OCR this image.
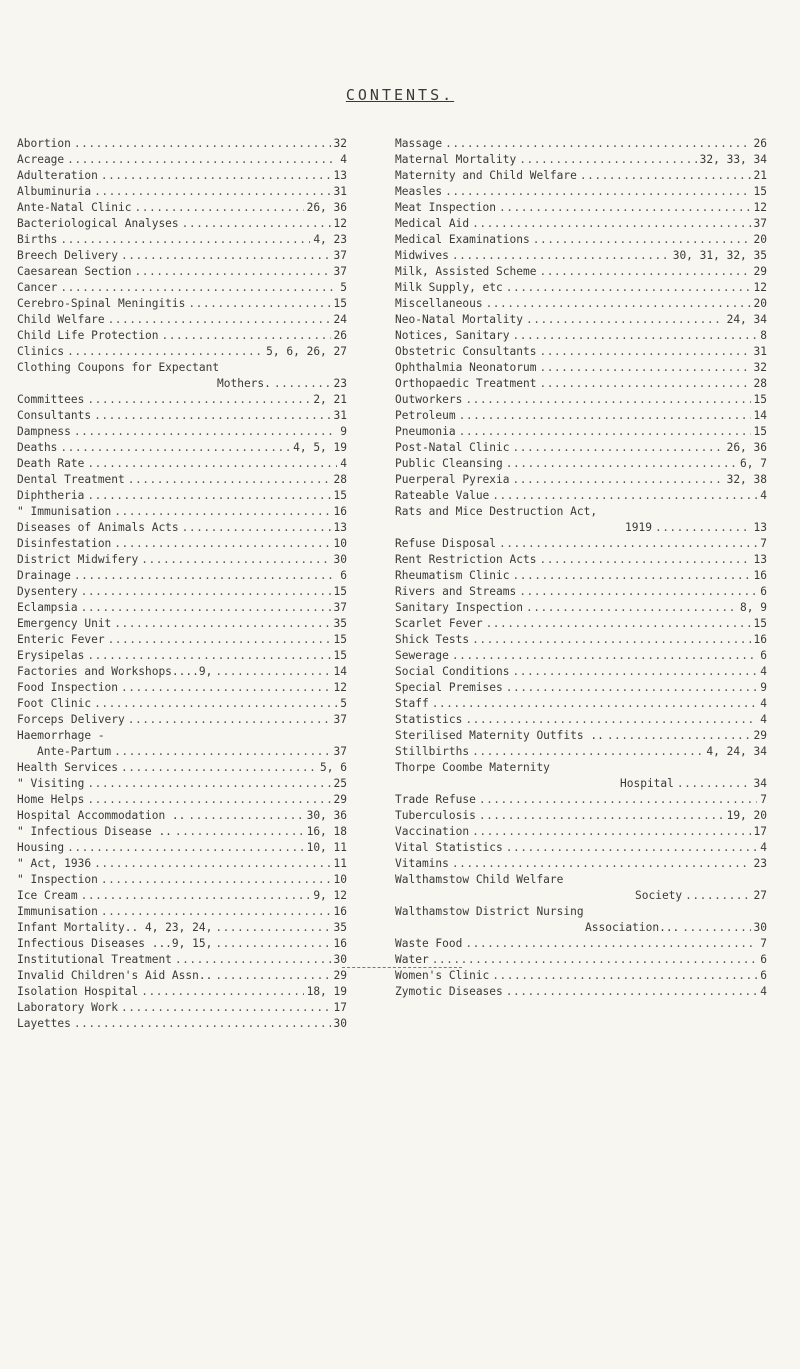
CONTENTS.
Abortion .....	32
Acreage .....	4
Adulteration .....	13
Albuminuria .....	31
Ante-Natal Clinic .....	26, 36
Bacteriological Analyses .....	12
Births .....	4, 23
Breech Delivery .....	37
Caesarean Section .....	37
Cancer .....	5
Cerebro-Spinal Meningitis .....	15
Child Welfare .....	24
Child Life Protection .....	26
Clinics .....	5, 6, 26, 27
Clothing Coupons for Expectant
Mothers. .....	23
Committees .....	2, 21
Consultants .....	31
Dampness .....	9
Deaths .....	4, 5, 19
Death Rate .....	4
Dental Treatment .....	28
Diphtheria .....	15
" Immunisation .....	16
Diseases of Animals Acts .....	13
Disinfestation .....	10
District Midwifery .....	30
Drainage .....	6
Dysentery .....	15
Eclampsia .....	37
Emergency Unit .....	35
Enteric Fever .....	15
Erysipelas .....	15
Factories and Workshops....9, .....	14
Food Inspection .....	12
Foot Clinic .....	5
Forceps Delivery .....	37
Haemorrhage -
Ante-Partum .....	37
Health Services .....	5, 6
" Visiting .....	25
Home Helps .....	29
Hospital Accommodation .. .....	30, 36
" Infectious Disease .. .....	16, 18
Housing .....	10, 11
" Act, 1936 .....	11
" Inspection .....	10
Ice Cream .....	9, 12
Immunisation .....	16
Infant Mortality.. 4, 23, 24, .....	35
Infectious Diseases ...9, 15, .....	16
Institutional Treatment .....	30
Invalid Children's Aid Assn.. .....	29
Isolation Hospital .....	18, 19
Laboratory Work .....	17
Layettes .....	30
Massage .....	26
Maternal Mortality .....	32, 33, 34
Maternity and Child Welfare .....	21
Measles .....	15
Meat Inspection .....	12
Medical Aid .....	37
Medical Examinations .....	20
Midwives .....	30, 31, 32, 35
Milk, Assisted Scheme .....	29
Milk Supply, etc .....	12
Miscellaneous .....	20
Neo-Natal Mortality .....	24, 34
Notices, Sanitary .....	8
Obstetric Consultants .....	31
Ophthalmia Neonatorum .....	32
Orthopaedic Treatment .....	28
Outworkers .....	15
Petroleum .....	14
Pneumonia .....	15
Post-Natal Clinic .....	26, 36
Public Cleansing .....	6, 7
Puerperal Pyrexia .....	32, 38
Rateable Value .....	4
Rats and Mice Destruction Act,
1919 .....	13
Refuse Disposal .....	7
Rent Restriction Acts .....	13
Rheumatism Clinic .....	16
Rivers and Streams .....	6
Sanitary Inspection .....	8, 9
Scarlet Fever .....	15
Shick Tests .....	16
Sewerage .....	6
Social Conditions .....	4
Special Premises .....	9
Staff .....	4
Statistics .....	4
Sterilised Maternity Outfits .. .....	29
Stillbirths .....	4, 24, 34
Thorpe Coombe Maternity
Hospital .....	34
Trade Refuse .....	7
Tuberculosis .....	19, 20
Vaccination .....	17
Vital Statistics .....	4
Vitamins .....	23
Walthamstow Child Welfare
Society .....	27
Walthamstow District Nursing
Association... .....	30
Waste Food .....	7
Water .....	6
Women's Clinic .....	6
Zymotic Diseases .....	4
